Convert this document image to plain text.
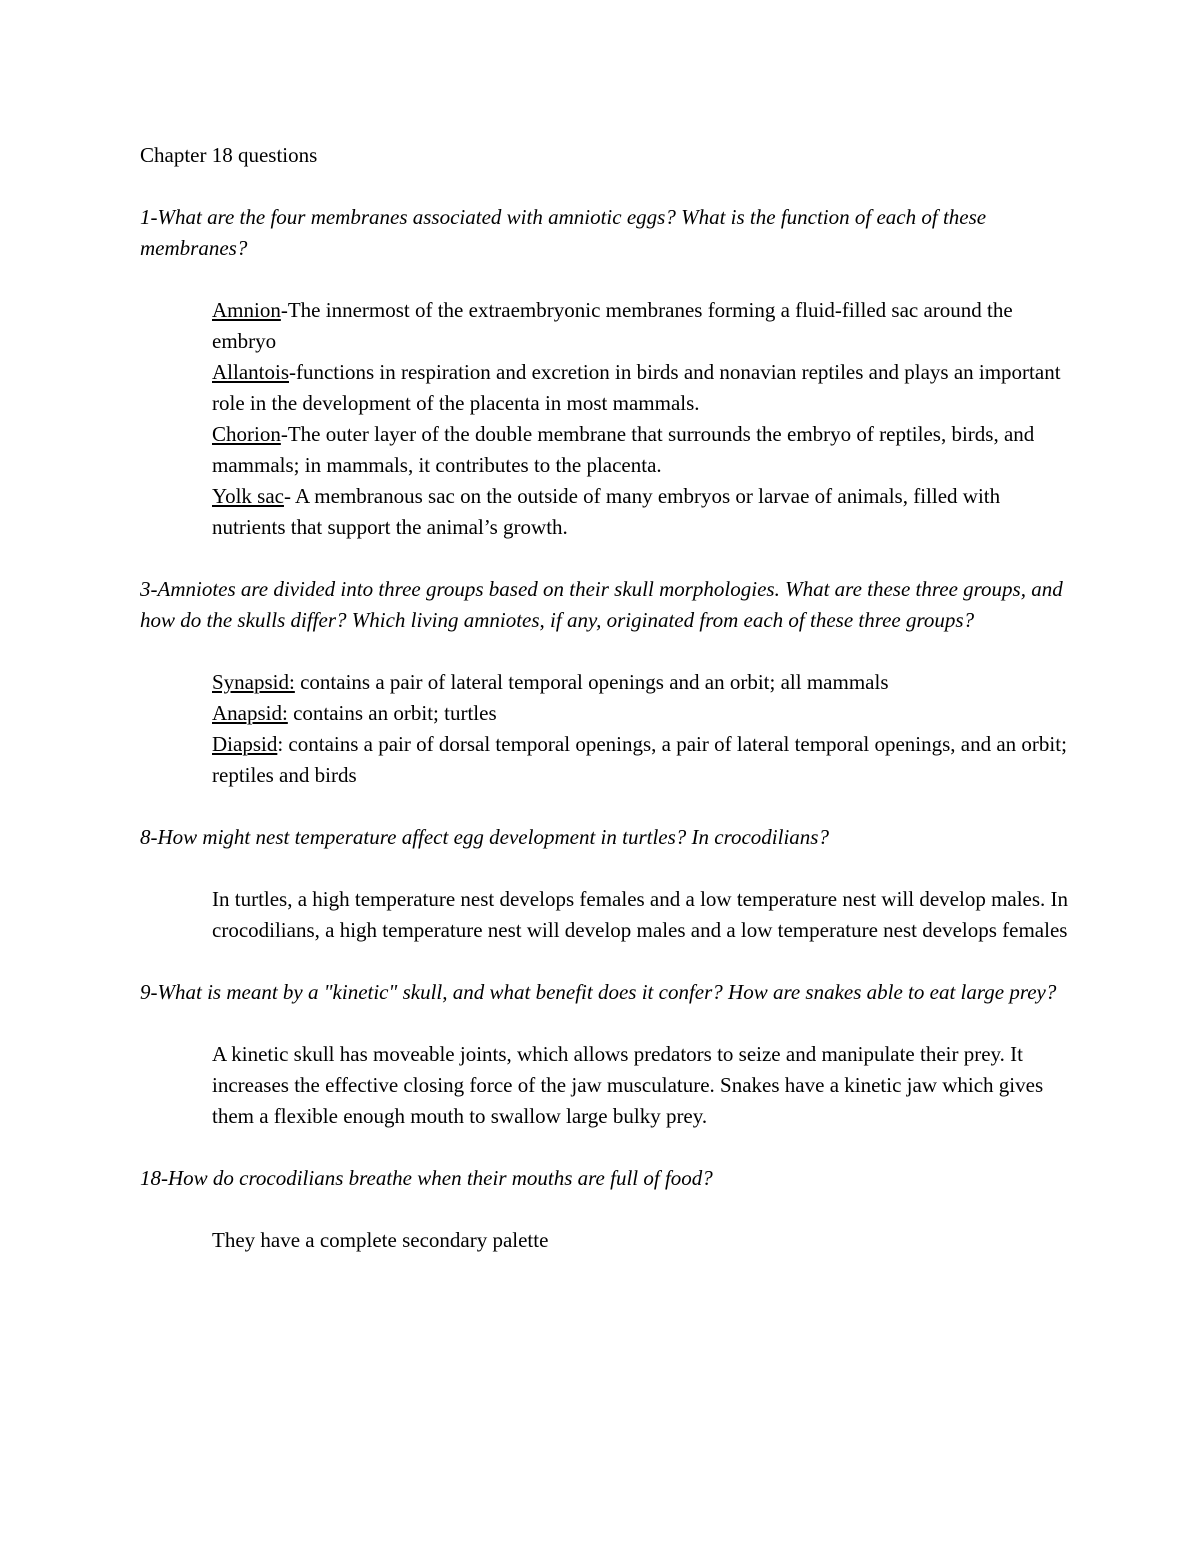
Chapter 18 questions

1-What are the four membranes associated with amniotic eggs? What is the function of each of these membranes?

Amnion-The innermost of the extraembryonic membranes forming a fluid-filled sac around the embryo

Allantois-functions in respiration and excretion in birds and nonavian reptiles and plays an important role in the development of the placenta in most mammals.

Chorion-The outer layer of the double membrane that surrounds the embryo of reptiles, birds, and mammals; in mammals, it contributes to the placenta.

Yolk sac- A membranous sac on the outside of many embryos or larvae of animals, filled with nutrients that support the animal’s growth.

3-Amniotes are divided into three groups based on their skull morphologies. What are these three groups, and how do the skulls differ? Which living amniotes, if any, originated from each of these three groups?

Synapsid: contains a pair of lateral temporal openings and an orbit; all mammals

Anapsid: contains an orbit; turtles

Diapsid: contains a pair of dorsal temporal openings, a pair of lateral temporal openings, and an orbit; reptiles and birds

8-How might nest temperature affect egg development in turtles? In crocodilians?

In turtles, a high temperature nest develops females and a low temperature nest will develop males. In crocodilians, a high temperature nest will develop males and a low temperature nest develops females

9-What is meant by a "kinetic" skull, and what benefit does it confer? How are snakes able to eat large prey?

A kinetic skull has moveable joints, which allows predators to seize and manipulate their prey. It increases the effective closing force of the jaw musculature. Snakes have a kinetic jaw which gives them a flexible enough mouth to swallow large bulky prey.

18-How do crocodilians breathe when their mouths are full of food?

They have a complete secondary palette
